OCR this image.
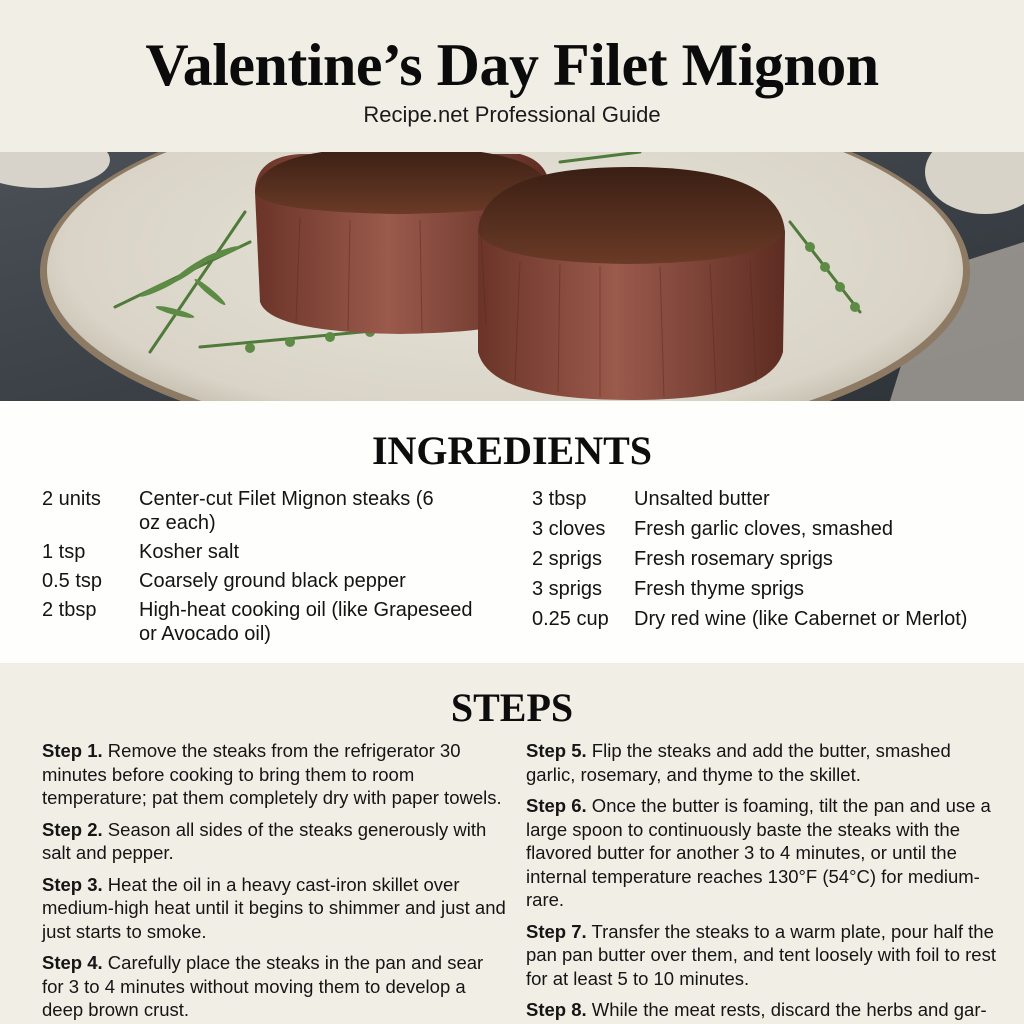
Valentine’s Day Filet Mignon
Recipe.net Professional Guide
INGREDIENTS
2 units	Center-cut Filet Mignon steaks (6 oz each)
1 tsp	Kosher salt
0.5 tsp	Coarsely ground black pepper
2 tbsp	High-heat cooking oil (like Grapeseed or Avocado oil)
3 tbsp	Unsalted butter
3 cloves	Fresh garlic cloves, smashed
2 sprigs	Fresh rosemary sprigs
3 sprigs	Fresh thyme sprigs
0.25 cup	Dry red wine (like Cabernet or Merlot)
STEPS

Step 1. Remove the steaks from the refrigerator 30 minutes before cooking to bring them to room temperature; pat them completely dry with paper towels.

Step 2. Season all sides of the steaks generously with salt and pepper.

Step 3. Heat the oil in a heavy cast-iron skillet over medium-high heat until it begins to shimmer and just and just starts to smoke.

Step 4. Carefully place the steaks in the pan and sear for 3 to 4 minutes without moving them to develop a deep brown crust.

Step 5. Flip the steaks and add the butter, smashed garlic, rosemary, and thyme to the skillet.

Step 6. Once the butter is foaming, tilt the pan and use a large spoon to continuously baste the steaks with the flavored butter for another 3 to 4 minutes, or until the internal temperature reaches 130°F (54°C) for medium-rare.

Step 7. Transfer the steaks to a warm plate, pour half the pan pan butter over them, and tent loosely with foil to rest for at least 5 to 10 minutes.

Step 8. While the meat rests, discard the herbs and gar-
